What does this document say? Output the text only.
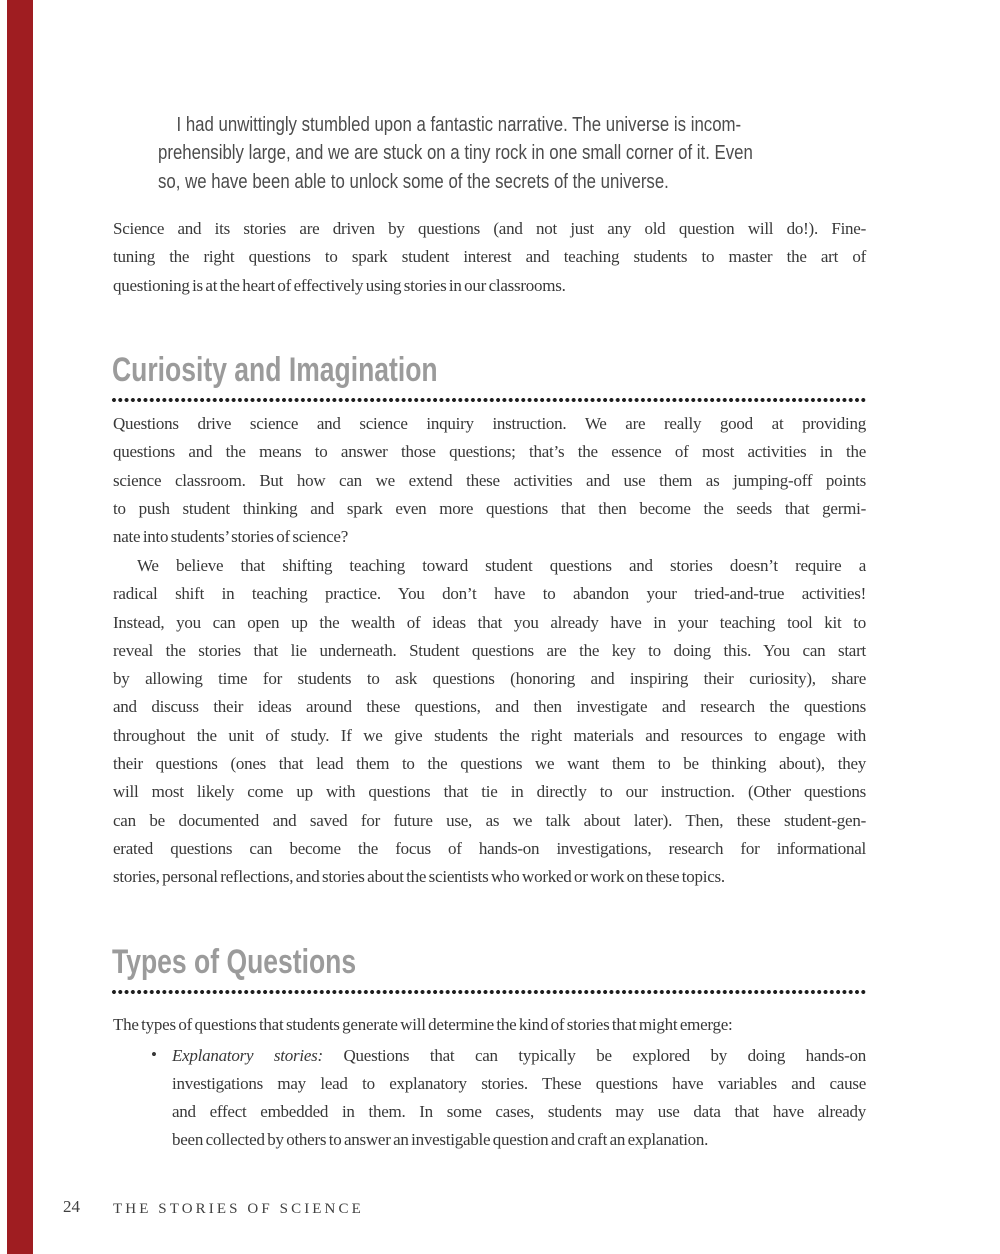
I had unwittingly stumbled upon a fantastic narrative. The universe is incom-
prehensibly large, and we are stuck on a tiny rock in one small corner of it. Even
so, we have been able to unlock some of the secrets of the universe.
Science and its stories are driven by questions (and not just any old question will do!). Fine-
tuning the right questions to spark student interest and teaching students to master the art of
questioning is at the heart of effectively using stories in our classrooms.
Curiosity and Imagination
Questions drive science and science inquiry instruction. We are really good at providing
questions and the means to answer those questions; that’s the essence of most activities in the
science classroom. But how can we extend these activities and use them as jumping-off points
to push student thinking and spark even more questions that then become the seeds that germi-
nate into students’ stories of science?
We believe that shifting teaching toward student questions and stories doesn’t require a
radical shift in teaching practice. You don’t have to abandon your tried-and-true activities!
Instead, you can open up the wealth of ideas that you already have in your teaching tool kit to
reveal the stories that lie underneath. Student questions are the key to doing this. You can start
by allowing time for students to ask questions (honoring and inspiring their curiosity), share
and discuss their ideas around these questions, and then investigate and research the questions
throughout the unit of study. If we give students the right materials and resources to engage with
their questions (ones that lead them to the questions we want them to be thinking about), they
will most likely come up with questions that tie in directly to our instruction. (Other questions
can be documented and saved for future use, as we talk about later). Then, these student-gen-
erated questions can become the focus of hands-on investigations, research for informational
stories, personal reflections, and stories about the scientists who worked or work on these topics.
Types of Questions
The types of questions that students generate will determine the kind of stories that might emerge:
• Explanatory stories: Questions that can typically be explored by doing hands-on
investigations may lead to explanatory stories. These questions have variables and cause
and effect embedded in them. In some cases, students may use data that have already
been collected by others to answer an investigable question and craft an explanation.
24 THE STORIES OF SCIENCE
